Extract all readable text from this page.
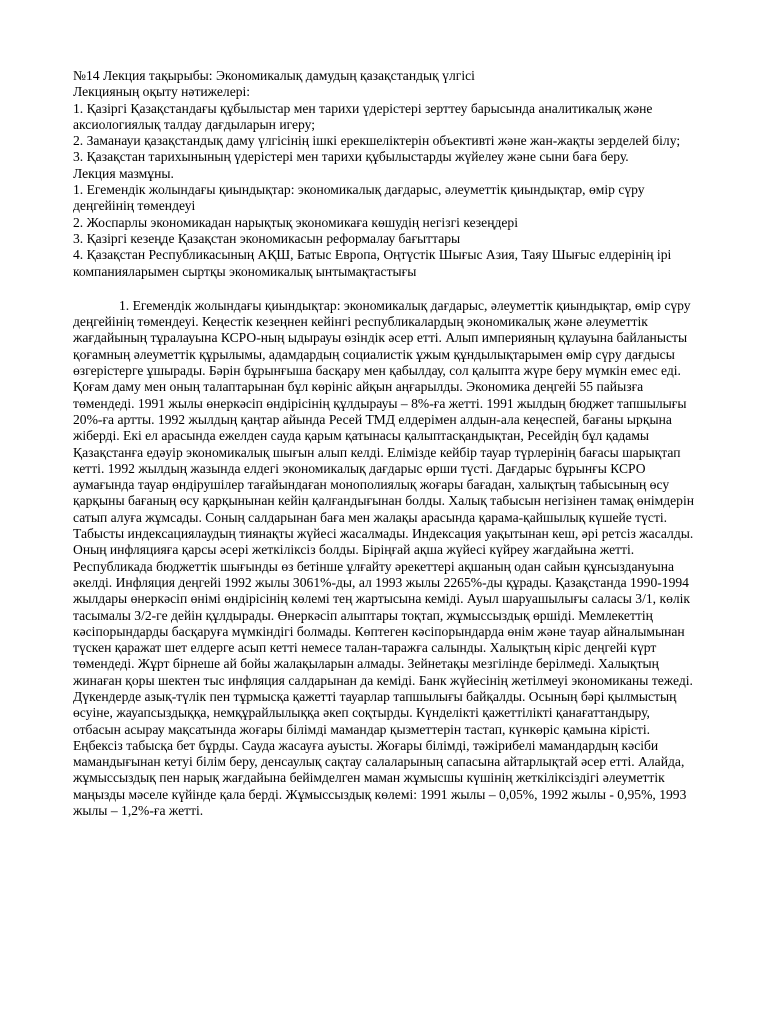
№14 Лекция тақырыбы: Экономикалық дамудың қазақстандық үлгісі

Лекцияның оқыту нәтижелері:

1. Қазіргі Қазақстандағы құбылыстар мен тарихи үдерістері зерттеу барысында аналитикалық және аксиологиялық талдау дағдыларын игеру;

2. Заманауи қазақстандық даму үлгісінің ішкі ерекшеліктерін объективті және жан-жақты зерделей білу;

3. Қазақстан тарихынының үдерістері мен тарихи құбылыстарды жүйелеу және сыни баға беру.

Лекция мазмұны.

1. Егемендік жолындағы қиындықтар: экономикалық дағдарыс, әлеуметтік қиындықтар, өмір сүру деңгейінің төмендеуі

2. Жоспарлы экономикадан нарықтық экономикаға көшудің негізгі кезеңдері

3. Қазіргі кезеңде Қазақстан экономикасын реформалау бағыттары

4. Қазақстан Республикасының АҚШ, Батыс Европа, Оңтүстік Шығыс Азия, Таяу Шығыс елдерінің ірі компанияларымен сыртқы экономикалық ынтымақтастығы

1. Егемендік жолындағы қиындықтар: экономикалық дағдарыс, әлеуметтік қиындықтар, өмір сүру деңгейінің төмендеуі. Кеңестік кезеңнен кейінгі республикалардың экономикалық және әлеуметтік жағдайының тұралауына КСРО-ның ыдырауы өзіндік әсер етті. Алып империяның құлауына байланысты қоғамның әлеуметтік құрылымы, адамдардың социалистік ұжым құндылықтарымен өмір сүру дағдысы өзгерістерге ұшырады. Бәрін бұрынғыша басқару мен қабылдау, сол қалыпта жүре беру мүмкін емес еді. Қоғам даму мен оның талаптарынан бұл көрініс айқын аңғарылды. Экономика деңгейі 55 пайызға төмендеді. 1991 жылы өнеркәсіп өндірісінің құлдырауы – 8%-ға жетті. 1991 жылдың бюджет тапшылығы 20%-ға артты. 1992 жылдың қаңтар айында Ресей ТМД елдерімен алдын-ала кеңеспей, бағаны ырқына жіберді. Екі ел арасында ежелден сауда қарым қатынасы қалыптасқандықтан, Ресейдің бұл қадамы Қазақстанға едәуір экономикалық шығын алып келді. Елімізде кейбір тауар түрлерінің бағасы шарықтап кетті. 1992 жылдың жазында елдегі экономикалық дағдарыс өрши түсті. Дағдарыс бұрынғы КСРО аумағында тауар өндірушілер тағайындаған монополиялық жоғары бағадан, халықтың табысының өсу қарқыны бағаның өсу қарқынынан кейін қалғандығынан болды. Халық табысын негізінен тамақ өнімдерін сатып алуға жұмсады. Соның салдарынан баға мен жалақы арасында қарама-қайшылық күшейе түсті. Табысты индексациялаудың тиянақты жүйесі жасалмады. Индексация уақытынан кеш, әрі ретсіз жасалды. Оның инфляцияға қарсы әсері жеткіліксіз болды. Біріңғай ақша жүйесі күйреу жағдайына жетті. Республикада бюджеттік шығынды өз бетінше ұлғайту әрекеттері ақшаның одан сайын құнсыздануына әкелді. Инфляция деңгейі 1992 жылы 3061%-ды, ал 1993 жылы 2265%-ды құрады. Қазақстанда 1990-1994 жылдары өнеркәсіп өнімі өндірісінің көлемі тең жартысына кеміді. Ауыл шаруашылығы саласы 3/1, көлік тасымалы 3/2-ге дейін құлдырады. Өнеркәсіп алыптары тоқтап, жұмыссыздық өршіді. Мемлекеттің кәсіпорындарды басқаруға мүмкіндігі болмады. Көптеген кәсіпорындарда өнім және тауар айналымынан түскен қаражат шет елдерге асып кетті немесе талан-таражға салынды. Халықтың кіріс деңгейі күрт төмендеді. Жұрт бірнеше ай бойы жалақыларын алмады. Зейнетақы мезгілінде берілмеді. Халықтың жинаған қоры шектен тыс инфляция салдарынан да кеміді. Банк жүйесінің жетілмеуі экономиканы тежеді. Дүкендерде азық-түлік пен тұрмысқа қажетті тауарлар тапшылығы байқалды. Осының бәрі қылмыстың өсуіне, жауапсыздыққа, немқұрайлылыққа әкеп соқтырды. Күнделікті қажеттілікті қанағаттандыру, отбасын асырау мақсатында жоғары білімді мамандар қызметтерін тастап, күнкөріс қамына кірісті. Еңбексіз табысқа бет бұрды. Сауда жасауға ауысты. Жоғары білімді, тәжірибелі мамандардың кәсіби мамандығынан кетуі білім беру, денсаулық сақтау салаларының сапасына айтарлықтай әсер етті. Алайда, жұмыссыздық пен нарық жағдайына бейімделген маман жұмысшы күшінің жеткіліксіздігі әлеуметтік маңызды мәселе күйінде қала берді. Жұмыссыздық көлемі: 1991 жылы – 0,05%, 1992 жылы - 0,95%, 1993 жылы – 1,2%-ға жетті.
